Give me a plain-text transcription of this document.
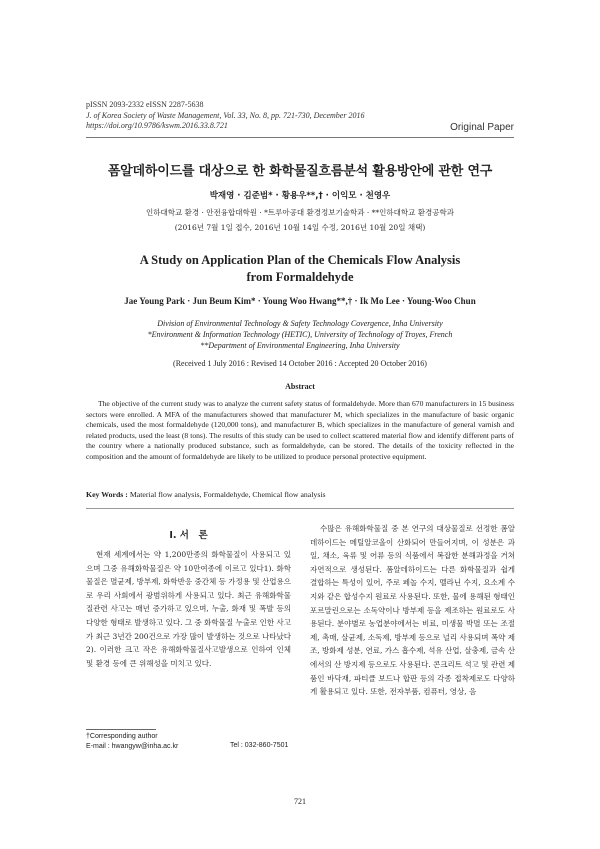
pISSN 2093-2332 eISSN 2287-5638
J. of Korea Society of Waste Management, Vol. 33, No. 8, pp. 721-730, December 2016
https://doi.org/10.9786/kswm.2016.33.8.721	Original Paper
폼알데하이드를 대상으로 한 화학물질흐름분석 활용방안에 관한 연구
박재영 · 김준범* · 황용우**,† · 이익모 · 천영우
인하대학교 환경 · 안전융합대학원 · *트루아공대 환경정보기술학과 · **인하대학교 환경공학과
(2016년 7월 1일 접수, 2016년 10월 14일 수정, 2016년 10월 20일 채택)
A Study on Application Plan of the Chemicals Flow Analysis
from Formaldehyde
Jae Young Park · Jun Beum Kim* · Young Woo Hwang**,† · Ik Mo Lee · Young-Woo Chun
Division of Environmental Technology & Safety Technology Covergence, Inha University
*Environment & Information Technology (HETIC), University of Technology of Troyes, French
**Department of Environmental Engineering, Inha University
(Received 1 July 2016 : Revised 14 October 2016 : Accepted 20 October 2016)
Abstract
The objective of the current study was to analyze the current safety status of formaldehyde. More than 670 manufacturers in 15 business sectors were enrolled. A MFA of the manufacturers showed that manufacturer M, which specializes in the manufacture of basic organic chemicals, used the most formaldehyde (120,000 tons), and manufacturer B, which specializes in the manufacture of general varnish and related products, used the least (8 tons). The results of this study can be used to collect scattered material flow and identify different parts of the country where a nationally produced substance, such as formaldehyde, can be stored. The details of the toxicity reflected in the composition and the amount of formaldehyde are likely to be utilized to produce personal protective equipment.
Key Words : Material flow analysis, Formaldehyde, Chemical flow analysis
I. 서　론
현재 세계에서는 약 1,200만종의 화학물질이 사용되고 있으며 그중 유해화학물질은 약 10만여종에 이르고 있다1). 화학물질은 멸균제, 방부제, 화학반응 중간체 등 가정용 및 산업용으로 우리 사회에서 광범위하게 사용되고 있다. 최근 유해화학물질관련 사고는 매년 증가하고 있으며, 누출, 화재 및 폭발 등의 다양한 형태로 발생하고 있다. 그 중 화학물질 누출로 인한 사고가 최근 3년간 200건으로 가장 많이 발생하는 것으로 나타났다2). 이러한 크고 작은 유해화학물질사고발생으로 인하여 인체 및 환경 등에 큰 위해성을 미치고 있다.
수많은 유해화학물질 중 본 연구의 대상물질로 선정한 폼알데하이드는 메틸알코올이 산화되어 만들어지며, 이 성분은 과일, 채소, 육류 및 어류 등의 식품에서 복잡한 분해과정을 거쳐 자연적으로 생성된다. 폼알데하이드는 다른 화학물질과 쉽게 결합하는 특성이 있어, 주로 페놀 수지, 멜라닌 수지, 요소계 수지와 같은 합성수지 원료로 사용된다. 또한, 물에 용해된 형태인 포르말린으로는 소독약이나 방부제 등을 제조하는 원료로도 사용된다. 분야별로 농업분야에서는 비료, 미생물 박멸 또는 조절제, 촉매, 살균제, 소독제, 방부제 등으로 널리 사용되며 폭약 제조, 방화제 성분, 연료, 가스 흡수제, 석유 산업, 살충제, 금속 산에서의 산 방지제 등으로도 사용된다. 콘크리트 석고 및 관련 제품인 바닥재, 파티클 보드나 합판 등의 각종 접착제로도 다양하게 활용되고 있다. 또한, 전자부품, 컴퓨터, 영상, 음
†Corresponding author
E-mail : hwangyw@inha.ac.kr	Tel : 032-860-7501
721
